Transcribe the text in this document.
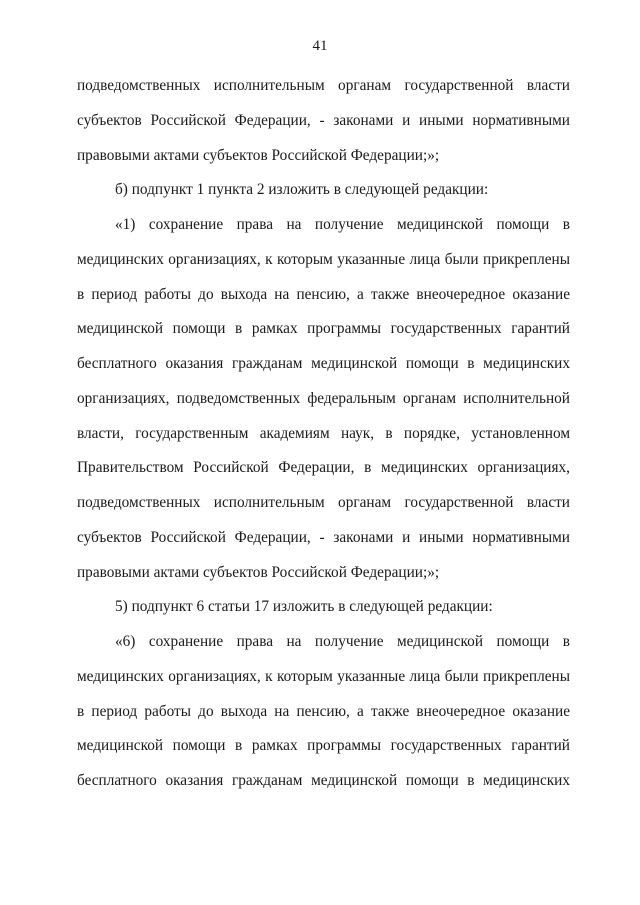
41
подведомственных исполнительным органам государственной власти
субъектов Российской Федерации, - законами и иными нормативными
правовыми актами субъектов Российской Федерации;»;
б) подпункт 1 пункта 2 изложить в следующей редакции:
«1) сохранение права на получение медицинской помощи в
медицинских организациях, к которым указанные лица были прикреплены
в период работы до выхода на пенсию, а также внеочередное оказание
медицинской помощи в рамках программы государственных гарантий
бесплатного оказания гражданам медицинской помощи в медицинских
организациях, подведомственных федеральным органам исполнительной
власти, государственным академиям наук, в порядке, установленном
Правительством Российской Федерации, в медицинских организациях,
подведомственных исполнительным органам государственной власти
субъектов Российской Федерации, - законами и иными нормативными
правовыми актами субъектов Российской Федерации;»;
5) подпункт 6 статьи 17 изложить в следующей редакции:
«6) сохранение права на получение медицинской помощи в
медицинских организациях, к которым указанные лица были прикреплены
в период работы до выхода на пенсию, а также внеочередное оказание
медицинской помощи в рамках программы государственных гарантий
бесплатного оказания гражданам медицинской помощи в медицинских
